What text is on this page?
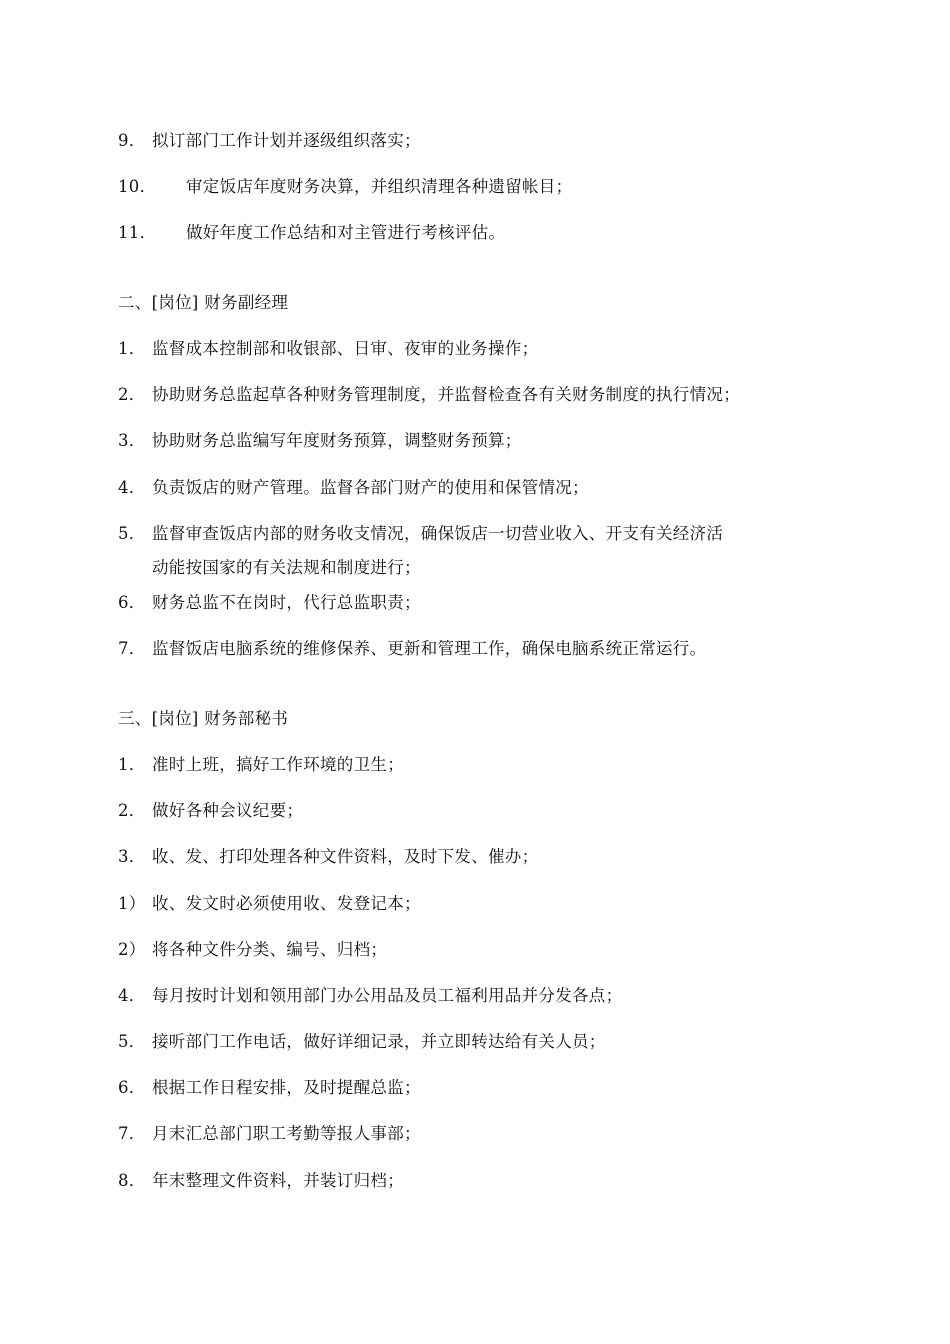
9． 拟订部门工作计划并逐级组织落实；
10． 审定饭店年度财务决算，并组织清理各种遗留帐目；
11． 做好年度工作总结和对主管进行考核评估。
二、[岗位] 财务副经理
1． 监督成本控制部和收银部、日审、夜审的业务操作；
2． 协助财务总监起草各种财务管理制度，并监督检查各有关财务制度的执行情况；
3． 协助财务总监编写年度财务预算，调整财务预算；
4． 负责饭店的财产管理。监督各部门财产的使用和保管情况；
5． 监督审查饭店内部的财务收支情况，确保饭店一切营业收入、开支有关经济活
动能按国家的有关法规和制度进行；
6． 财务总监不在岗时，代行总监职责；
7． 监督饭店电脑系统的维修保养、更新和管理工作，确保电脑系统正常运行。
三、[岗位] 财务部秘书
1． 准时上班，搞好工作环境的卫生；
2． 做好各种会议纪要；
3． 收、发、打印处理各种文件资料，及时下发、催办；
1） 收、发文时必须使用收、发登记本；
2） 将各种文件分类、编号、归档；
4． 每月按时计划和领用部门办公用品及员工福利用品并分发各点；
5． 接听部门工作电话，做好详细记录，并立即转达给有关人员；
6． 根据工作日程安排，及时提醒总监；
7． 月末汇总部门职工考勤等报人事部；
8． 年末整理文件资料，并装订归档；
